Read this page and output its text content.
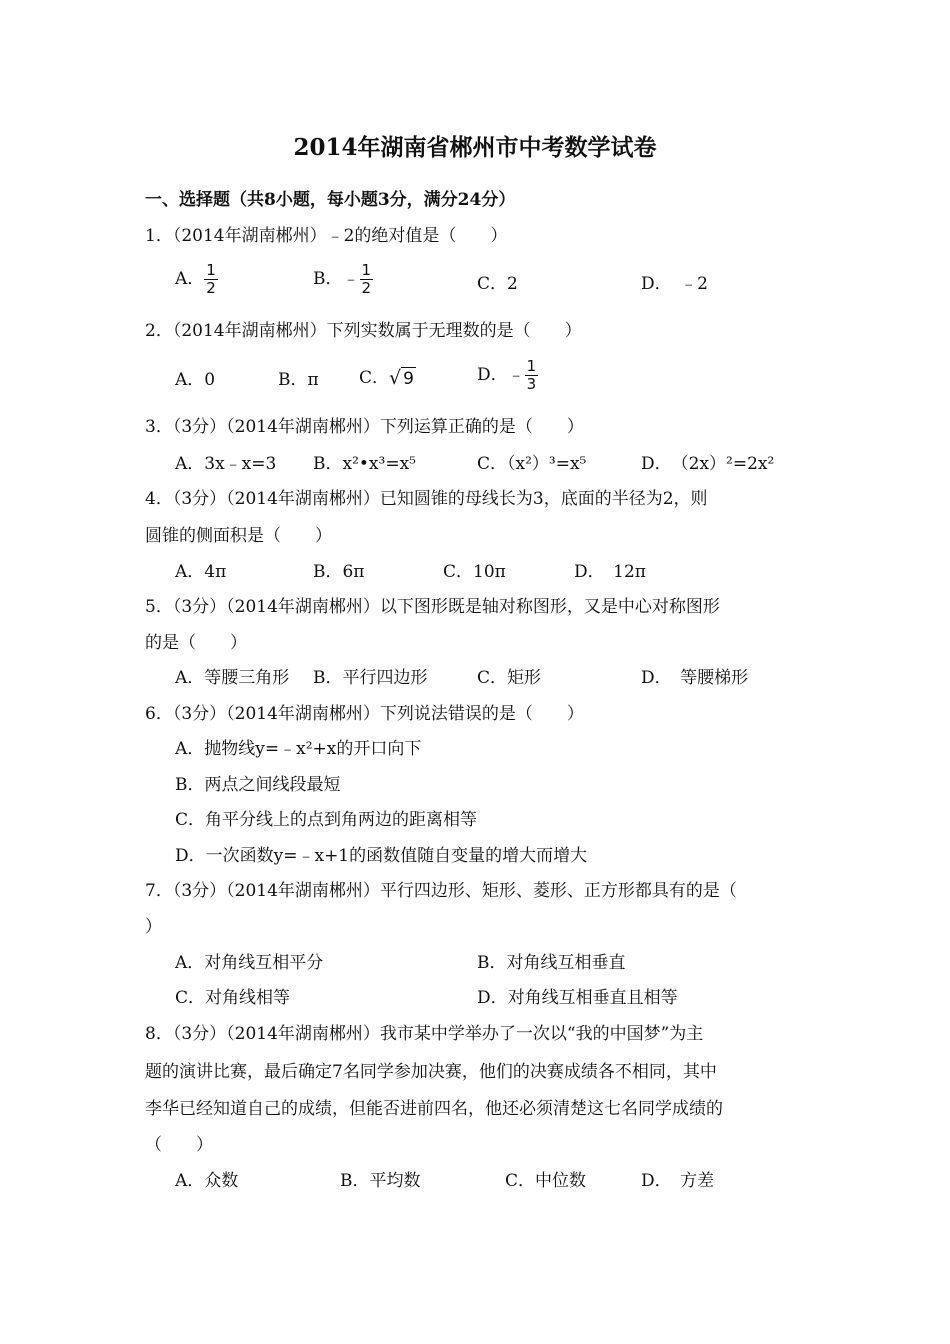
2014年湖南省郴州市中考数学试卷
一、选择题（共8小题，每小题3分，满分24分）
1．（2014年湖南郴州）﹣2的绝对值是（　　）
A． $\frac{1}{2}$	B．﹣ $\frac{1}{2}$	C．2	D．　﹣2
2．（2014年湖南郴州）下列实数属于无理数的是（　　）
A．0	B．π C．√ 9	D．﹣ $\frac{1}{3}$
3．（3分）（2014年湖南郴州）下列运算正确的是（　　）
A．3x﹣x=3 B．x²•x³=x⁵	C．（x²）³=x⁵	D．　（2x）²=2x²
4．（3分）（2014年湖南郴州）已知圆锥的母线长为3，底面的半径为2，则
圆锥的侧面积是（　　）
A．4π	B．6π	C．10π	D．　12π
5．（3分）（2014年湖南郴州）以下图形既是轴对称图形，又是中心对称图形
的是（　　）
A．等腰三角形 B．平行四边形	C．矩形	D．　等腰梯形
6．（3分）（2014年湖南郴州）下列说法错误的是（　　）
A．抛物线y=﹣x²+x的开口向下
B．两点之间线段最短
C．角平分线上的点到角两边的距离相等
D．一次函数y=﹣x+1的函数值随自变量的增大而增大
7．（3分）（2014年湖南郴州）平行四边形、矩形、菱形、正方形都具有的是（
）
A．对角线互相平分	B．对角线互相垂直
C．对角线相等	D．对角线互相垂直且相等
8．（3分）（2014年湖南郴州）我市某中学举办了一次以“我的中国梦”为主
题的演讲比赛，最后确定7名同学参加决赛，他们的决赛成绩各不相同，其中
李华已经知道自己的成绩，但能否进前四名，他还必须清楚这七名同学成绩的
（　　）
A．众数	B．平均数	C．中位数	D．　方差
